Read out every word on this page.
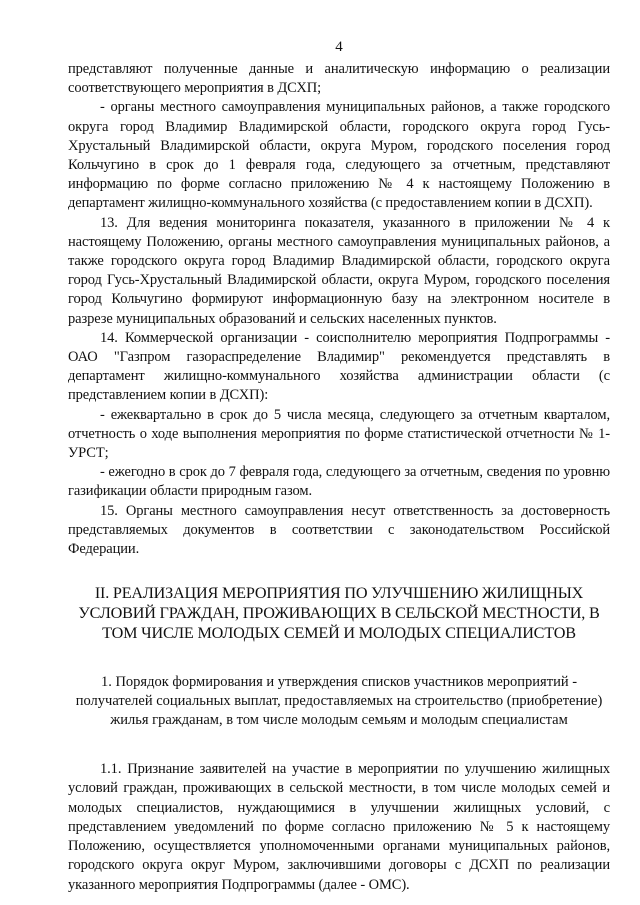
4

представляют полученные данные и аналитическую информацию о реализации соответствующего мероприятия в ДСХП;

- органы местного самоуправления муниципальных районов, а также городского округа город Владимир Владимирской области, городского округа город Гусь-Хрустальный Владимирской области, округа Муром, городского поселения город Кольчугино в срок до 1 февраля года, следующего за отчетным, представляют информацию по форме согласно приложению № 4 к настоящему Положению в департамент жилищно-коммунального хозяйства (с предоставлением копии в ДСХП).

13. Для ведения мониторинга показателя, указанного в приложении № 4 к настоящему Положению, органы местного самоуправления муниципальных районов, а также городского округа город Владимир Владимирской области, городского округа город Гусь-Хрустальный Владимирской области, округа Муром, городского поселения город Кольчугино формируют информационную базу на электронном носителе в разрезе муниципальных образований и сельских населенных пунктов.

14. Коммерческой организации - соисполнителю мероприятия Подпрограммы - ОАО "Газпром газораспределение Владимир" рекомендуется представлять в департамент жилищно-коммунального хозяйства администрации области (с представлением копии в ДСХП):

- ежеквартально в срок до 5 числа месяца, следующего за отчетным кварталом, отчетность о ходе выполнения мероприятия по форме статистической отчетности № 1-УРСТ;

- ежегодно в срок до 7 февраля года, следующего за отчетным, сведения по уровню газификации области природным газом.

15. Органы местного самоуправления несут ответственность за достоверность представляемых документов в соответствии с законодательством Российской Федерации.

II. РЕАЛИЗАЦИЯ МЕРОПРИЯТИЯ ПО УЛУЧШЕНИЮ ЖИЛИЩНЫХ УСЛОВИЙ ГРАЖДАН, ПРОЖИВАЮЩИХ В СЕЛЬСКОЙ МЕСТНОСТИ, В ТОМ ЧИСЛЕ МОЛОДЫХ СЕМЕЙ И МОЛОДЫХ СПЕЦИАЛИСТОВ
1. Порядок формирования и утверждения списков участников мероприятий - получателей социальных выплат, предоставляемых на строительство (приобретение) жилья гражданам, в том числе молодым семьям и молодым специалистам

1.1. Признание заявителей на участие в мероприятии по улучшению жилищных условий граждан, проживающих в сельской местности, в том числе молодых семей и молодых специалистов, нуждающимися в улучшении жилищных условий, с представлением уведомлений по форме согласно приложению № 5 к настоящему Положению, осуществляется уполномоченными органами муниципальных районов, городского округа округ Муром, заключившими договоры с ДСХП по реализации указанного мероприятия Подпрограммы (далее - ОМС).
